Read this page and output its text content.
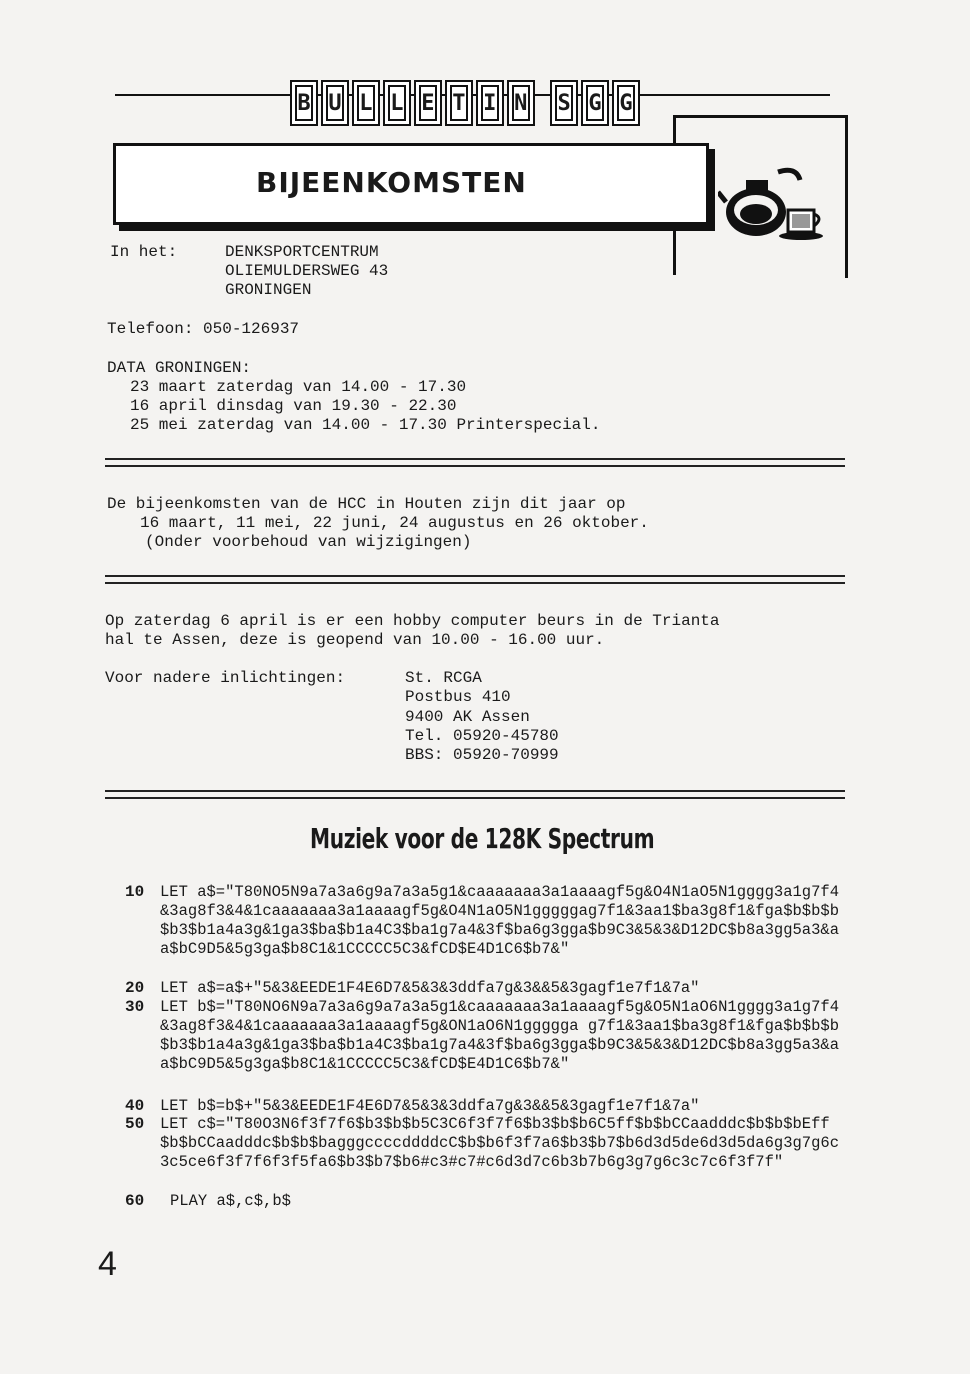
B U L L E T I N	S G G
BIJEENKOMSTEN
In het:	DENKSPORTCENTRUM
OLIEMULDERSWEG 43
GRONINGEN
Telefoon: 050-126937
DATA GRONINGEN:
23 maart zaterdag van 14.00 - 17.30
16 april dinsdag van 19.30 - 22.30
25 mei zaterdag van 14.00 - 17.30 Printerspecial.
De bijeenkomsten van de HCC in Houten zijn dit jaar op
16 maart, 11 mei, 22 juni, 24 augustus en 26 oktober.
(Onder voorbehoud van wijzigingen)
Op zaterdag 6 april is er een hobby computer beurs in de Trianta
hal te Assen, deze is geopend van 10.00 - 16.00 uur.
Voor nadere inlichtingen:	St. RCGA
Postbus 410
9400 AK Assen
Tel. 05920-45780
BBS: 05920-70999
Muziek voor de 128K Spectrum
10 LET a$="T80NO5N9a7a3a6g9a7a3a5g1&caaaaaaa3a1aaaagf5g&O4N1aO5N1gggg3a1g7f4&3ag8f3&4&1caaaaaaa3a1aaaagf5g&O4N1aO5N1gggggag7f1&3aa1$ba3g8f1&fga$b$b$b$b3$b1a4a3g&1ga3$ba$b1a4C3$ba1g7a4&3f$ba6g3gga$b9C3&5&3&D12DC$b8a3gg5a3&aa$bC9D5&5g3ga$b8C1&1CCCCC5C3&fCD$E4D1C6$b7&"
20 LET a$=a$+"5&3&EEDE1F4E6D7&5&3&3ddfa7g&3&&5&3gagf1e7f1&7a"
30 LET b$="T80NO6N9a7a3a6g9a7a3a5g1&caaaaaaa3a1aaaagf5g&O5N1aO6N1gggg3a1g7f4&3ag8f3&4&1caaaaaaa3a1aaaagf5g&ON1aO6N1ggggga g7f1&3aa1$ba3g8f1&fga$b$b$b$b3$b1a4a3g&1ga3$ba$b1a4C3$ba1g7a4&3f$ba6g3gga$b9C3&5&3&D12DC$b8a3gg5a3&aa$bC9D5&5g3ga$b8C1&1CCCCC5C3&fCD$E4D1C6$b7&"
40 LET b$=b$+"5&3&EEDE1F4E6D7&5&3&3ddfa7g&3&&5&3gagf1e7f1&7a"
50 LET c$="T80O3N6f3f7f6$b3$b$b5C3C6f3f7f6$b3$b$b6C5ff$b$bCCaadddc$b$b$bEff$b$bCCaadddc$b$b$bagggccccddddcC$b$b6f3f7a6$b3$b7$b6d3d5de6d3d5da6g3g7g6c3c5ce6f3f7f6f3f5fa6$b3$b7$b6#c3#c7#c6d3d7c6b3b7b6g3g7g6c3c7c6f3f7f"
60 PLAY a$,c$,b$
4
